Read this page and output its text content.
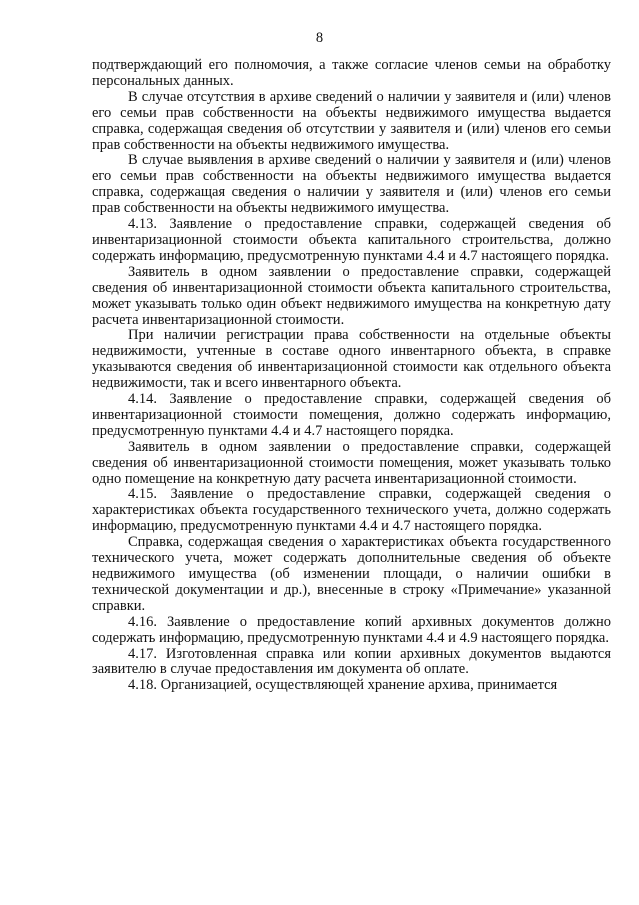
8

подтверждающий его полномочия, а также согласие членов семьи на обработку персональных данных.

В случае отсутствия в архиве сведений о наличии у заявителя и (или) членов его семьи прав собственности на объекты недвижимого имущества выдается справка, содержащая сведения об отсутствии у заявителя и (или) членов его семьи прав собственности на объекты недвижимого имущества.

В случае выявления в архиве сведений о наличии у заявителя и (или) членов его семьи прав собственности на объекты недвижимого имущества выдается справка, содержащая сведения о наличии у заявителя и (или) членов его семьи прав собственности на объекты недвижимого имущества.

4.13. Заявление о предоставление справки, содержащей сведения об инвентаризационной стоимости объекта капитального строительства, должно содержать информацию, предусмотренную пунктами 4.4 и 4.7 настоящего порядка.

Заявитель в одном заявлении о предоставление справки, содержащей сведения об инвентаризационной стоимости объекта капитального строительства, может указывать только один объект недвижимого имущества на конкретную дату расчета инвентаризационной стоимости.

При наличии регистрации права собственности на отдельные объекты недвижимости, учтенные в составе одного инвентарного объекта, в справке указываются сведения об инвентаризационной стоимости как отдельного объекта недвижимости, так и всего инвентарного объекта.

4.14. Заявление о предоставление справки, содержащей сведения об инвентаризационной стоимости помещения, должно содержать информацию, предусмотренную пунктами 4.4 и 4.7 настоящего порядка.

Заявитель в одном заявлении о предоставление справки, содержащей сведения об инвентаризационной стоимости помещения, может указывать только одно помещение на конкретную дату расчета инвентаризационной стоимости.

4.15. Заявление о предоставление справки, содержащей сведения о характеристиках объекта государственного технического учета, должно содержать информацию, предусмотренную пунктами 4.4 и 4.7 настоящего порядка.

Справка, содержащая сведения о характеристиках объекта государственного технического учета, может содержать дополнительные сведения об объекте недвижимого имущества (об изменении площади, о наличии ошибки в технической документации и др.), внесенные в строку «Примечание» указанной справки.

4.16. Заявление о предоставление копий архивных документов должно содержать информацию, предусмотренную пунктами 4.4 и 4.9 настоящего порядка.

4.17. Изготовленная справка или копии архивных документов выдаются заявителю в случае предоставления им документа об оплате.

4.18. Организацией, осуществляющей хранение архива, принимается
